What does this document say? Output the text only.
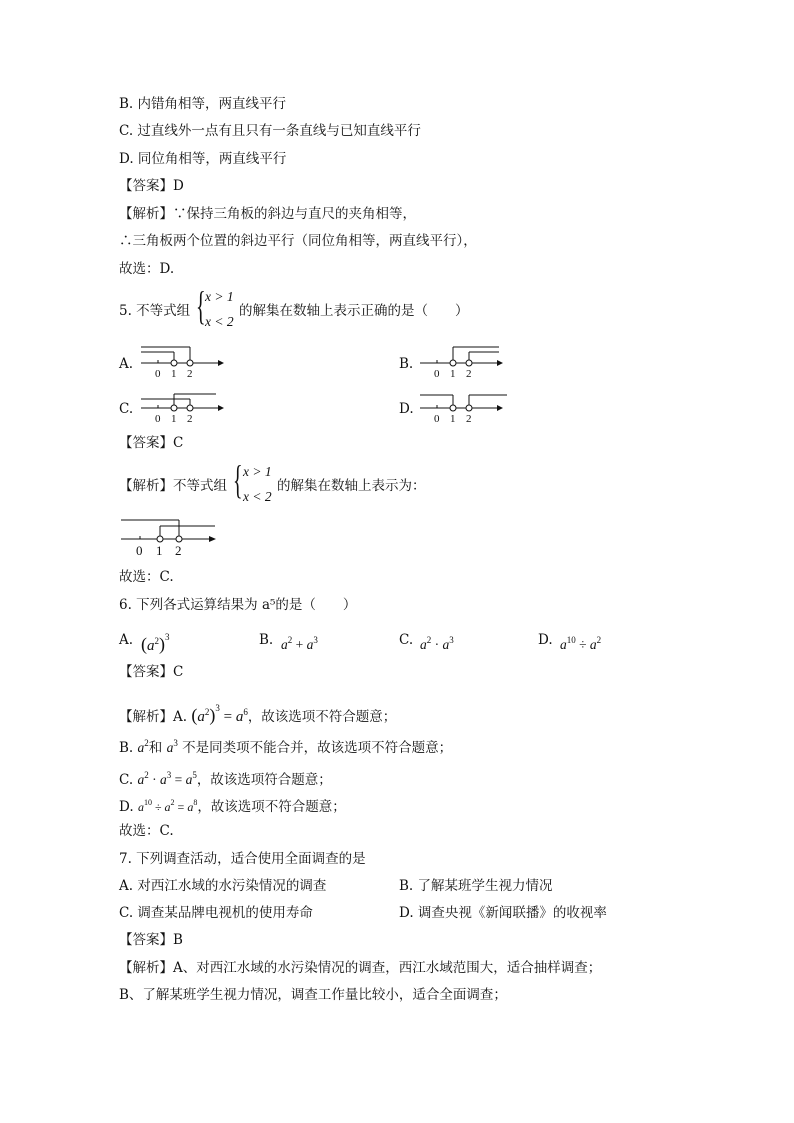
B. 内错角相等，两直线平行
C. 过直线外一点有且只有一条直线与已知直线平行
D. 同位角相等，两直线平行
【答案】D
【解析】∵保持三角板的斜边与直尺的夹角相等，
∴三角板两个位置的斜边平行（同位角相等，两直线平行），
故选：D.
5. 不等式组 { x > 1
x < 2
的解集在数轴上表示正确的是（　　）
A.
0 1 2
B.
0 1 2
C.
0 1 2
D.
0 1 2
【答案】C
【解析】不等式组 { x > 1
x < 2
的解集在数轴上表示为：
0 1 2
故选：C.
6. 下列各式运算结果为 a⁵的是（　　）
A. $(a^2)^3$	B. $a^2 + a^3$	C. $a^2 \cdot a^3$	D. $a^{10} \div a^2$
【答案】C
【解析】A. $(a^2)^3 = a^6$，故该选项不符合题意；
B. $a^2$和 $a^3$ 不是同类项不能合并，故该选项不符合题意；
C. $a^2 \cdot a^3 = a^5$，故该选项符合题意；
D. $a^{10} \div a^2 = a^8$，故该选项不符合题意；
故选：C.
7. 下列调查活动，适合使用全面调查的是
A. 对西江水域的水污染情况的调查	B. 了解某班学生视力情况
C. 调查某品牌电视机的使用寿命	D. 调查央视《新闻联播》的收视率
【答案】B
【解析】A、对西江水域的水污染情况的调查，西江水域范围大，适合抽样调查；
B、了解某班学生视力情况，调查工作量比较小，适合全面调查；
